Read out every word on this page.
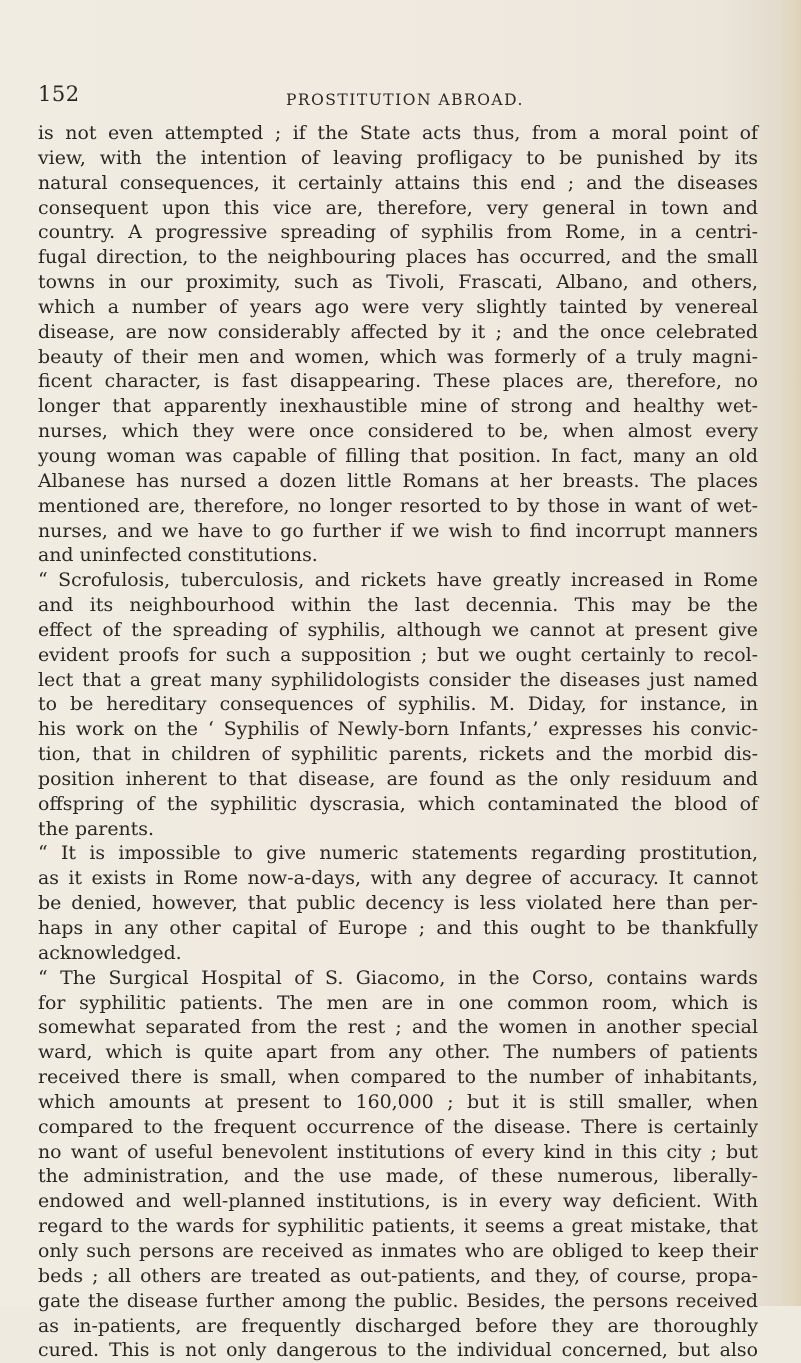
152	PROSTITUTION ABROAD.
is not even attempted ; if the State acts thus, from a moral point of
view, with the intention of leaving profligacy to be punished by its
natural consequences, it certainly attains this end ; and the diseases
consequent upon this vice are, therefore, very general in town and
country. A progressive spreading of syphilis from Rome, in a centri-
fugal direction, to the neighbouring places has occurred, and the small
towns in our proximity, such as Tivoli, Frascati, Albano, and others,
which a number of years ago were very slightly tainted by venereal
disease, are now considerably affected by it ; and the once celebrated
beauty of their men and women, which was formerly of a truly magni-
ficent character, is fast disappearing. These places are, therefore, no
longer that apparently inexhaustible mine of strong and healthy wet-
nurses, which they were once considered to be, when almost every
young woman was capable of filling that position. In fact, many an old
Albanese has nursed a dozen little Romans at her breasts. The places
mentioned are, therefore, no longer resorted to by those in want of wet-
nurses, and we have to go further if we wish to find incorrupt manners
and uninfected constitutions.
“ Scrofulosis, tuberculosis, and rickets have greatly increased in Rome
and its neighbourhood within the last decennia. This may be the
effect of the spreading of syphilis, although we cannot at present give
evident proofs for such a supposition ; but we ought certainly to recol-
lect that a great many syphilidologists consider the diseases just named
to be hereditary consequences of syphilis. M. Diday, for instance, in
his work on the ‘ Syphilis of Newly-born Infants,’ expresses his convic-
tion, that in children of syphilitic parents, rickets and the morbid dis-
position inherent to that disease, are found as the only residuum and
offspring of the syphilitic dyscrasia, which contaminated the blood of
the parents.
“ It is impossible to give numeric statements regarding prostitution,
as it exists in Rome now-a-days, with any degree of accuracy. It cannot
be denied, however, that public decency is less violated here than per-
haps in any other capital of Europe ; and this ought to be thankfully
acknowledged.
“ The Surgical Hospital of S. Giacomo, in the Corso, contains wards
for syphilitic patients. The men are in one common room, which is
somewhat separated from the rest ; and the women in another special
ward, which is quite apart from any other. The numbers of patients
received there is small, when compared to the number of inhabitants,
which amounts at present to 160,000 ; but it is still smaller, when
compared to the frequent occurrence of the disease. There is certainly
no want of useful benevolent institutions of every kind in this city ; but
the administration, and the use made, of these numerous, liberally-
endowed and well-planned institutions, is in every way deficient. With
regard to the wards for syphilitic patients, it seems a great mistake, that
only such persons are received as inmates who are obliged to keep their
beds ; all others are treated as out-patients, and they, of course, propa-
gate the disease further among the public. Besides, the persons received
as in-patients, are frequently discharged before they are thoroughly
cured. This is not only dangerous to the individual concerned, but also
